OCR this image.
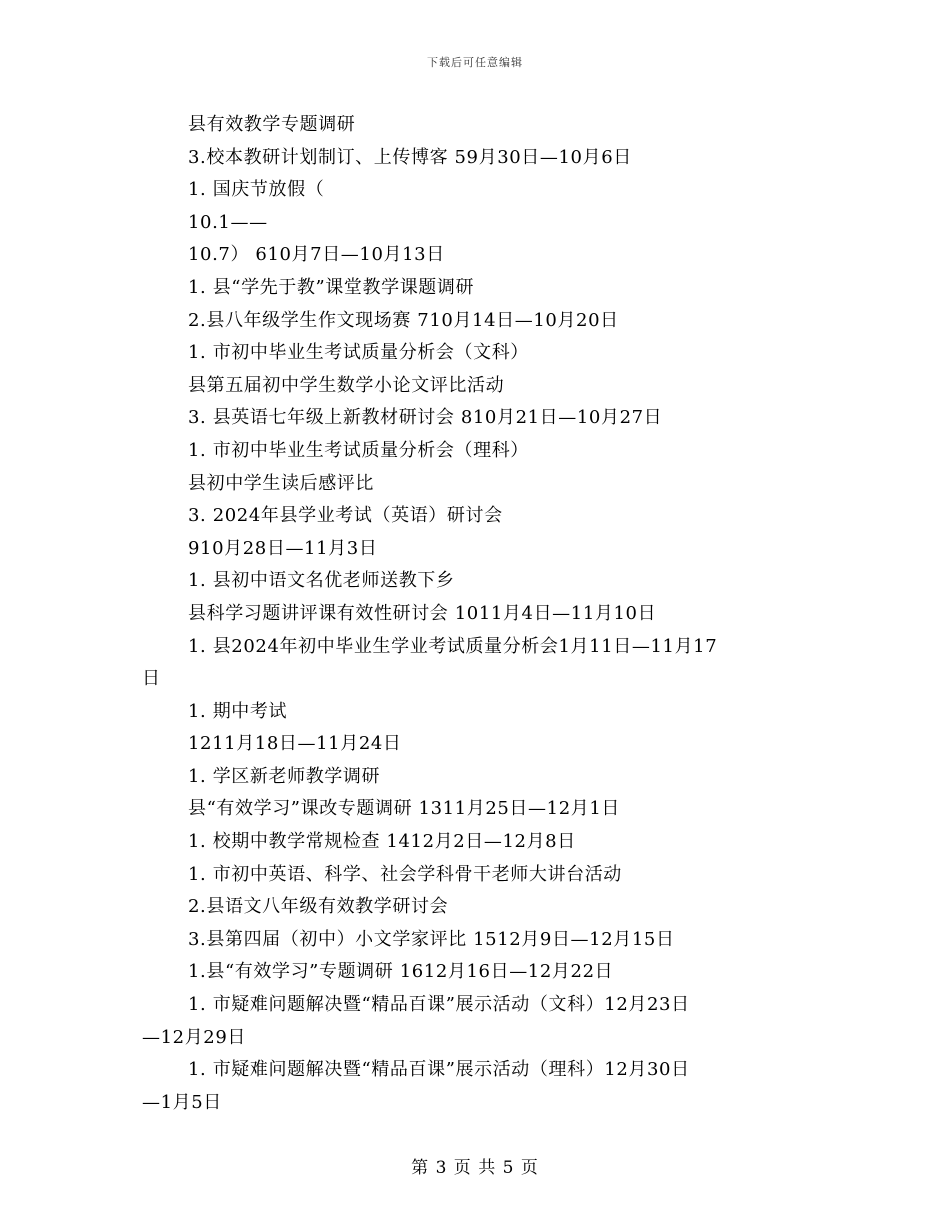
下载后可任意编辑
县有效教学专题调研
3.校本教研计划制订、上传博客 59月30日—10月6日
1. 国庆节放假（
10.1——
10.7） 610月7日—10月13日
1. 县“学先于教”课堂教学课题调研
2.县八年级学生作文现场赛 710月14日—10月20日
1. 市初中毕业生考试质量分析会（文科）
县第五届初中学生数学小论文评比活动
3. 县英语七年级上新教材研讨会 810月21日—10月27日
1. 市初中毕业生考试质量分析会（理科）
县初中学生读后感评比
3. 2024年县学业考试（英语）研讨会
910月28日—11月3日
1. 县初中语文名优老师送教下乡
县科学习题讲评课有效性研讨会 1011月4日—11月10日
1. 县2024年初中毕业生学业考试质量分析会1月11日—11月17
日
1. 期中考试
1211月18日—11月24日
1. 学区新老师教学调研
县“有效学习”课改专题调研 1311月25日—12月1日
1. 校期中教学常规检查 1412月2日—12月8日
1. 市初中英语、科学、社会学科骨干老师大讲台活动
2.县语文八年级有效教学研讨会
3.县第四届（初中）小文学家评比 1512月9日—12月15日
1.县“有效学习”专题调研 1612月16日—12月22日
1. 市疑难问题解决暨“精品百课”展示活动（文科）12月23日
—12月29日
1. 市疑难问题解决暨“精品百课”展示活动（理科）12月30日
—1月5日
第 3 页 共 5 页
